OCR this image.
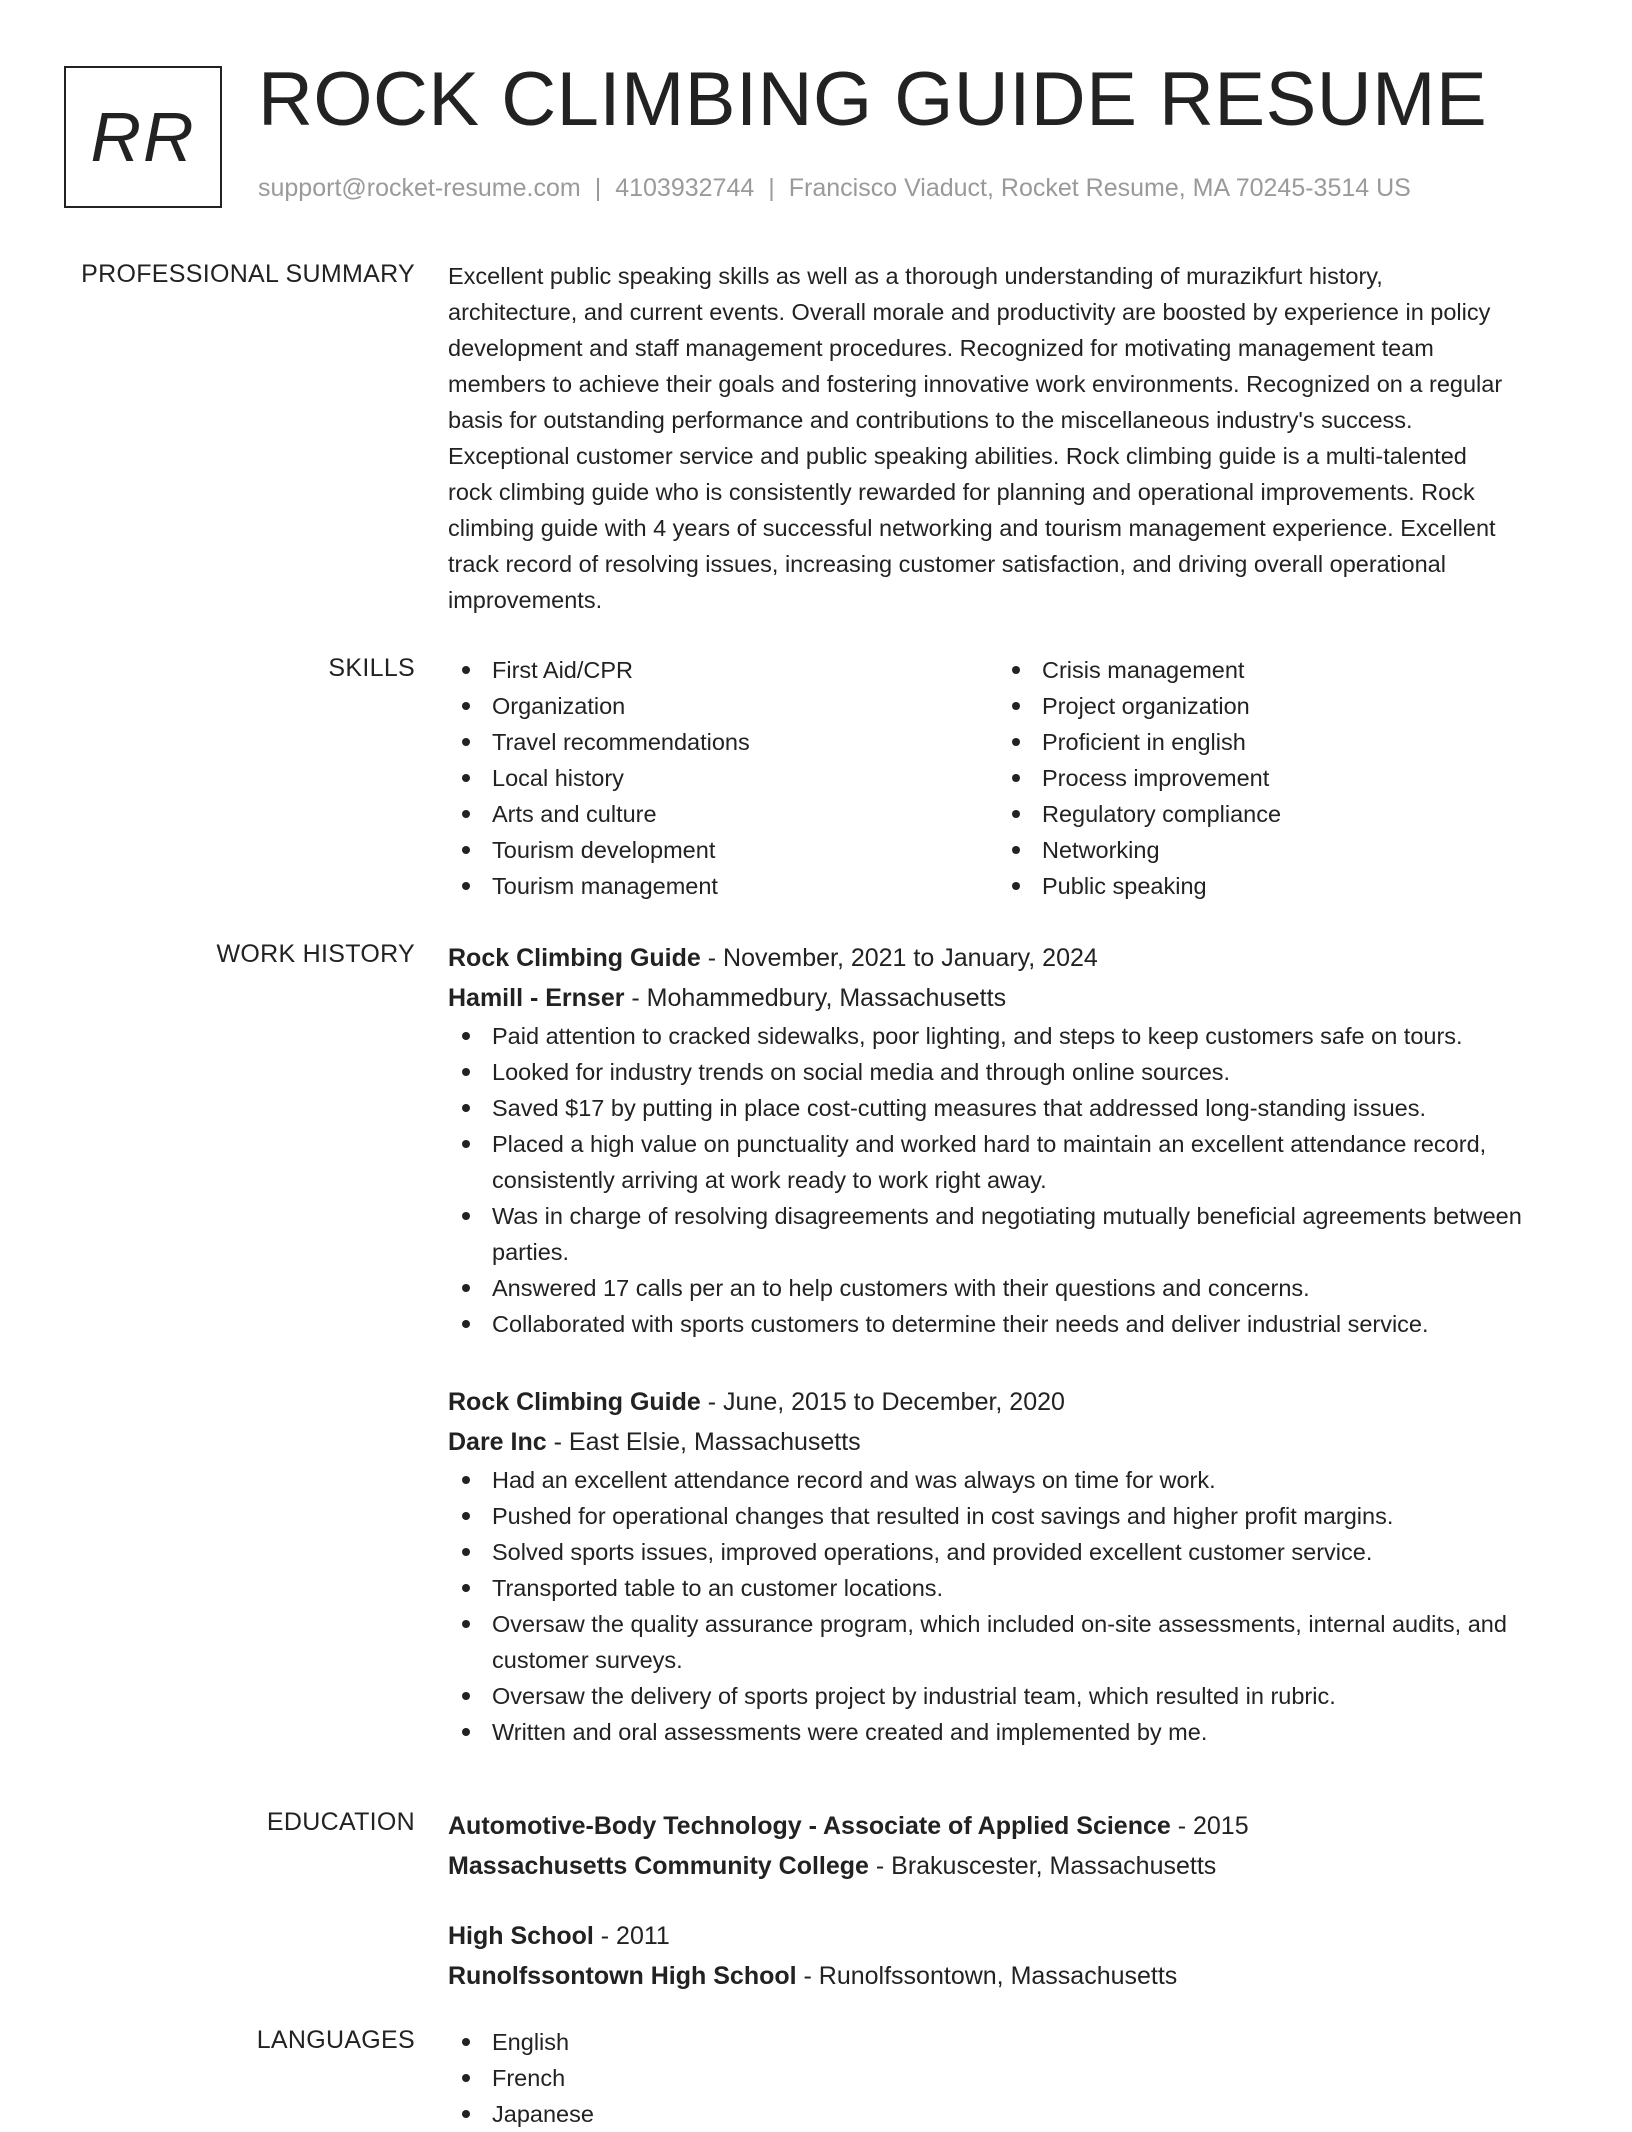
RR ROCK CLIMBING GUIDE RESUME
support@rocket-resume.com | 4103932744 | Francisco Viaduct, Rocket Resume, MA 70245-3514 US
PROFESSIONAL SUMMARY Excellent public speaking skills as well as a thorough understanding of murazikfurt history,
architecture, and current events. Overall morale and productivity are boosted by experience in policy
development and staff management procedures. Recognized for motivating management team
members to achieve their goals and fostering innovative work environments. Recognized on a regular
basis for outstanding performance and contributions to the miscellaneous industry's success.
Exceptional customer service and public speaking abilities. Rock climbing guide is a multi-talented
rock climbing guide who is consistently rewarded for planning and operational improvements. Rock
climbing guide with 4 years of successful networking and tourism management experience. Excellent
track record of resolving issues, increasing customer satisfaction, and driving overall operational
improvements.

SKILLS	First Aid/CPR
Organization
Travel recommendations
Local history
Arts and culture
Tourism development
Tourism management
Crisis management
Project organization
Proficient in english
Process improvement
Regulatory compliance
Networking
Public speaking
WORK HISTORY Rock Climbing Guide - November, 2021 to January, 2024
Hamill - Ernser - Mohammedbury, Massachusetts
Paid attention to cracked sidewalks, poor lighting, and steps to keep customers safe on tours.
Looked for industry trends on social media and through online sources.
Saved $17 by putting in place cost-cutting measures that addressed long-standing issues.
Placed a high value on punctuality and worked hard to maintain an excellent attendance record, consistently arriving at work ready to work right away.
Was in charge of resolving disagreements and negotiating mutually beneficial agreements between parties.
Answered 17 calls per an to help customers with their questions and concerns.
Collaborated with sports customers to determine their needs and deliver industrial service.
Rock Climbing Guide - June, 2015 to December, 2020
Dare Inc - East Elsie, Massachusetts
Had an excellent attendance record and was always on time for work.
Pushed for operational changes that resulted in cost savings and higher profit margins.
Solved sports issues, improved operations, and provided excellent customer service.
Transported table to an customer locations.
Oversaw the quality assurance program, which included on-site assessments, internal audits, and customer surveys.
Oversaw the delivery of sports project by industrial team, which resulted in rubric.
Written and oral assessments were created and implemented by me.
EDUCATION Automotive-Body Technology - Associate of Applied Science - 2015
Massachusetts Community College - Brakuscester, Massachusetts
High School - 2011
Runolfssontown High School - Runolfssontown, Massachusetts
LANGUAGES	English
French
Japanese
